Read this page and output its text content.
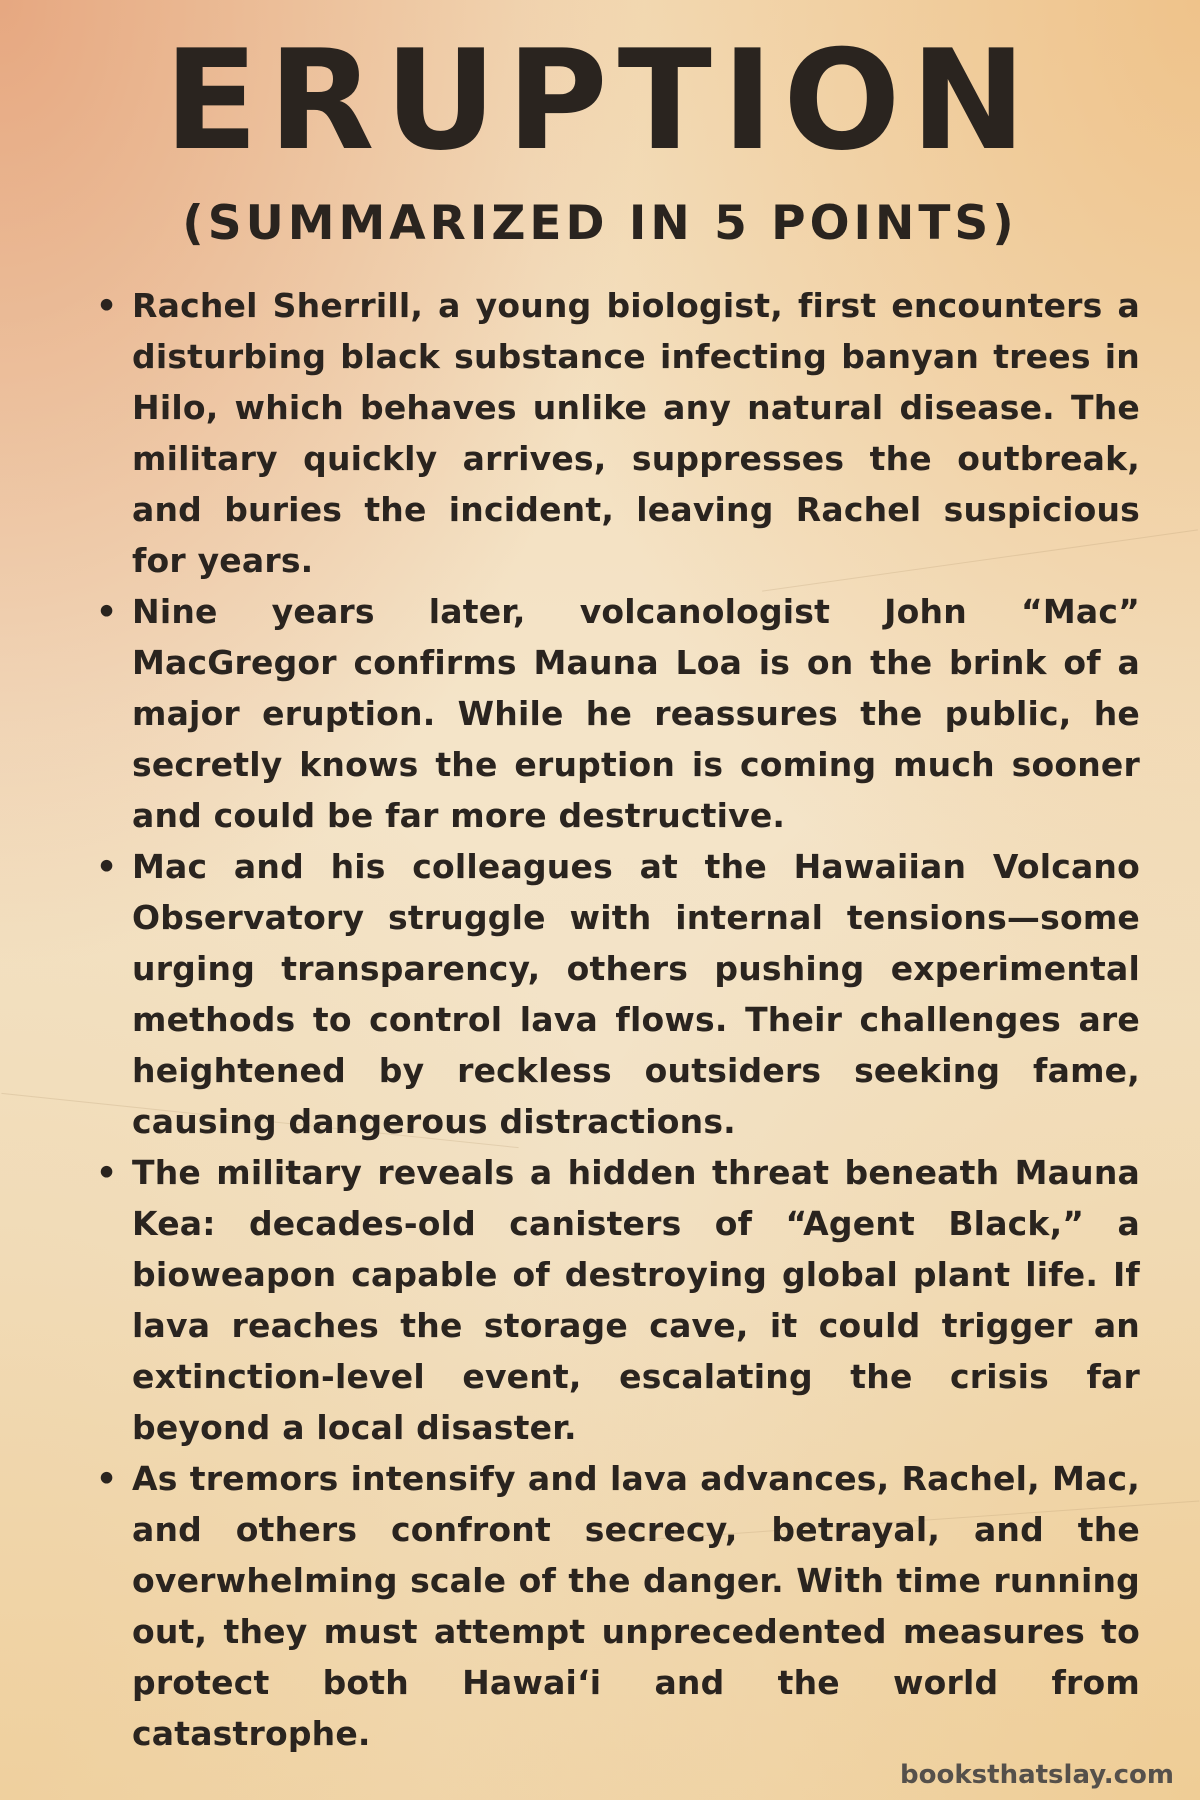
ERUPTION
(SUMMARIZED IN 5 POINTS)
• Rachel Sherrill, a young biologist, first encounters a disturbing black substance infecting banyan trees in Hilo, which behaves unlike any natural disease. The military quickly arrives, suppresses the outbreak, and buries the incident, leaving Rachel suspicious for years.
• Nine years later, volcanologist John “Mac” MacGregor confirms Mauna Loa is on the brink of a major eruption. While he reassures the public, he secretly knows the eruption is coming much sooner and could be far more destructive.
• Mac and his colleagues at the Hawaiian Volcano Observatory struggle with internal tensions—some urging transparency, others pushing experimental methods to control lava flows. Their challenges are heightened by reckless outsiders seeking fame, causing dangerous distractions.
• The military reveals a hidden threat beneath Mauna Kea: decades-old canisters of “Agent Black,” a bioweapon capable of destroying global plant life. If lava reaches the storage cave, it could trigger an extinction-level event, escalating the crisis far beyond a local disaster.
• As tremors intensify and lava advances, Rachel, Mac, and others confront secrecy, betrayal, and the overwhelming scale of the danger. With time running out, they must attempt unprecedented measures to protect both Hawaiʻi and the world from catastrophe.
booksthatslay.com
